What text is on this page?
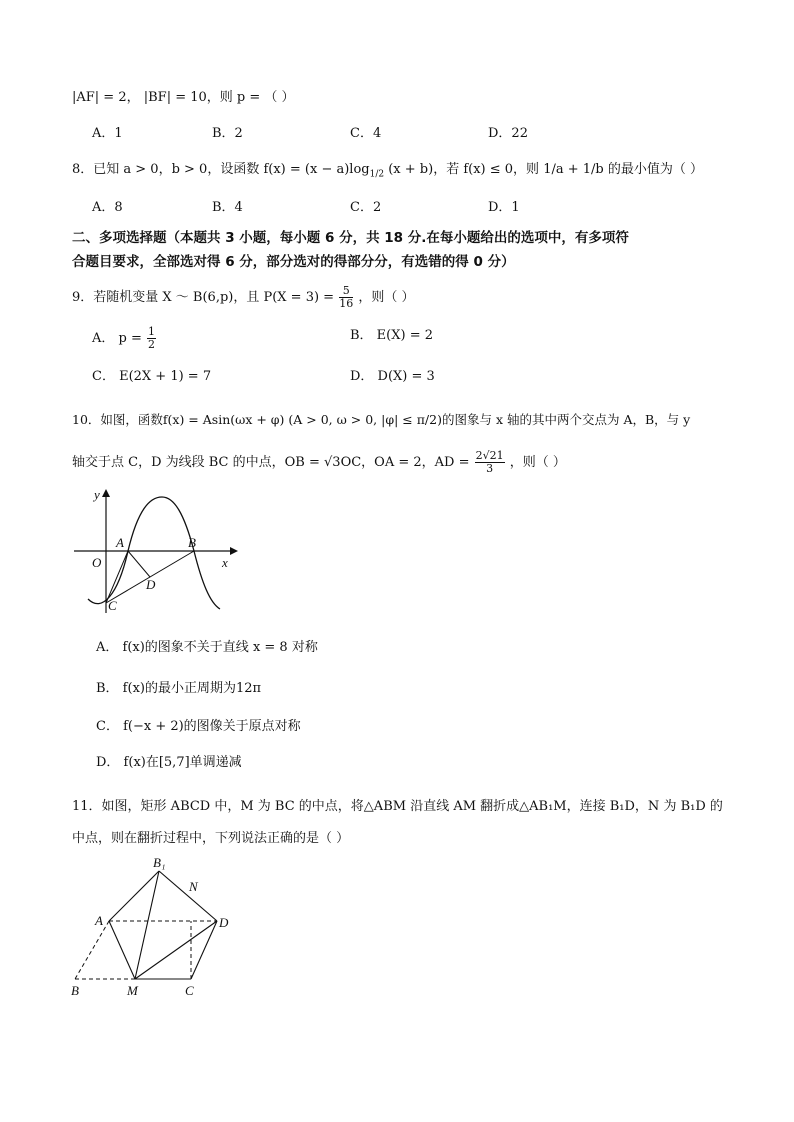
|AF| = 2， |BF| = 10，则 p = （ ）
A．1	B．2	C．4	D．22
8．已知 a > 0，b > 0，设函数 $f(x) = (x - a)\log_{1/2}$ (x + b)，若 f(x) ≤ 0，则 1/a + 1/b 的最小值为（ ）
A．8	B．4	C．2	D．1
二、多项选择题（本题共 3 小题，每小题 6 分，共 18 分.在每小题给出的选项中，有多项符
合题目要求，全部选对得 6 分，部分选对的得部分分，有选错的得 0 分）
9．若随机变量 X ～ B(6,p)，且 $P(X = 3) = \frac{5}{16}$ ，则（ ）
A． $p = \frac{1}{2}$	B． E(X) = 2
C． E(2X + 1) = 7	D． D(X) = 3
10．如图，函数f(x) = Asin(ωx + φ) (A > 0, ω > 0, |φ| ≤ π/2)的图象与 x 轴的其中两个交点为 A，B，与 y
轴交于点 C，D 为线段 BC 的中点，OB = √3OC，OA = 2，AD = $\frac{2√21}{3}$ ，则（ ）
y
x
O
A	B
C
D
A． f(x)的图象不关于直线 x = 8 对称
B． f(x)的最小正周期为12π
C． f(−x + 2)的图像关于原点对称
D． f(x)在[5,7]单调递减
11．如图，矩形 ABCD 中，M 为 BC 的中点，将△ABM 沿直线 AM 翻折成△AB₁M，连接 B₁D，N 为 B₁D 的
中点，则在翻折过程中，下列说法正确的是（ ）
B₁
N
A	D
B	M	C
